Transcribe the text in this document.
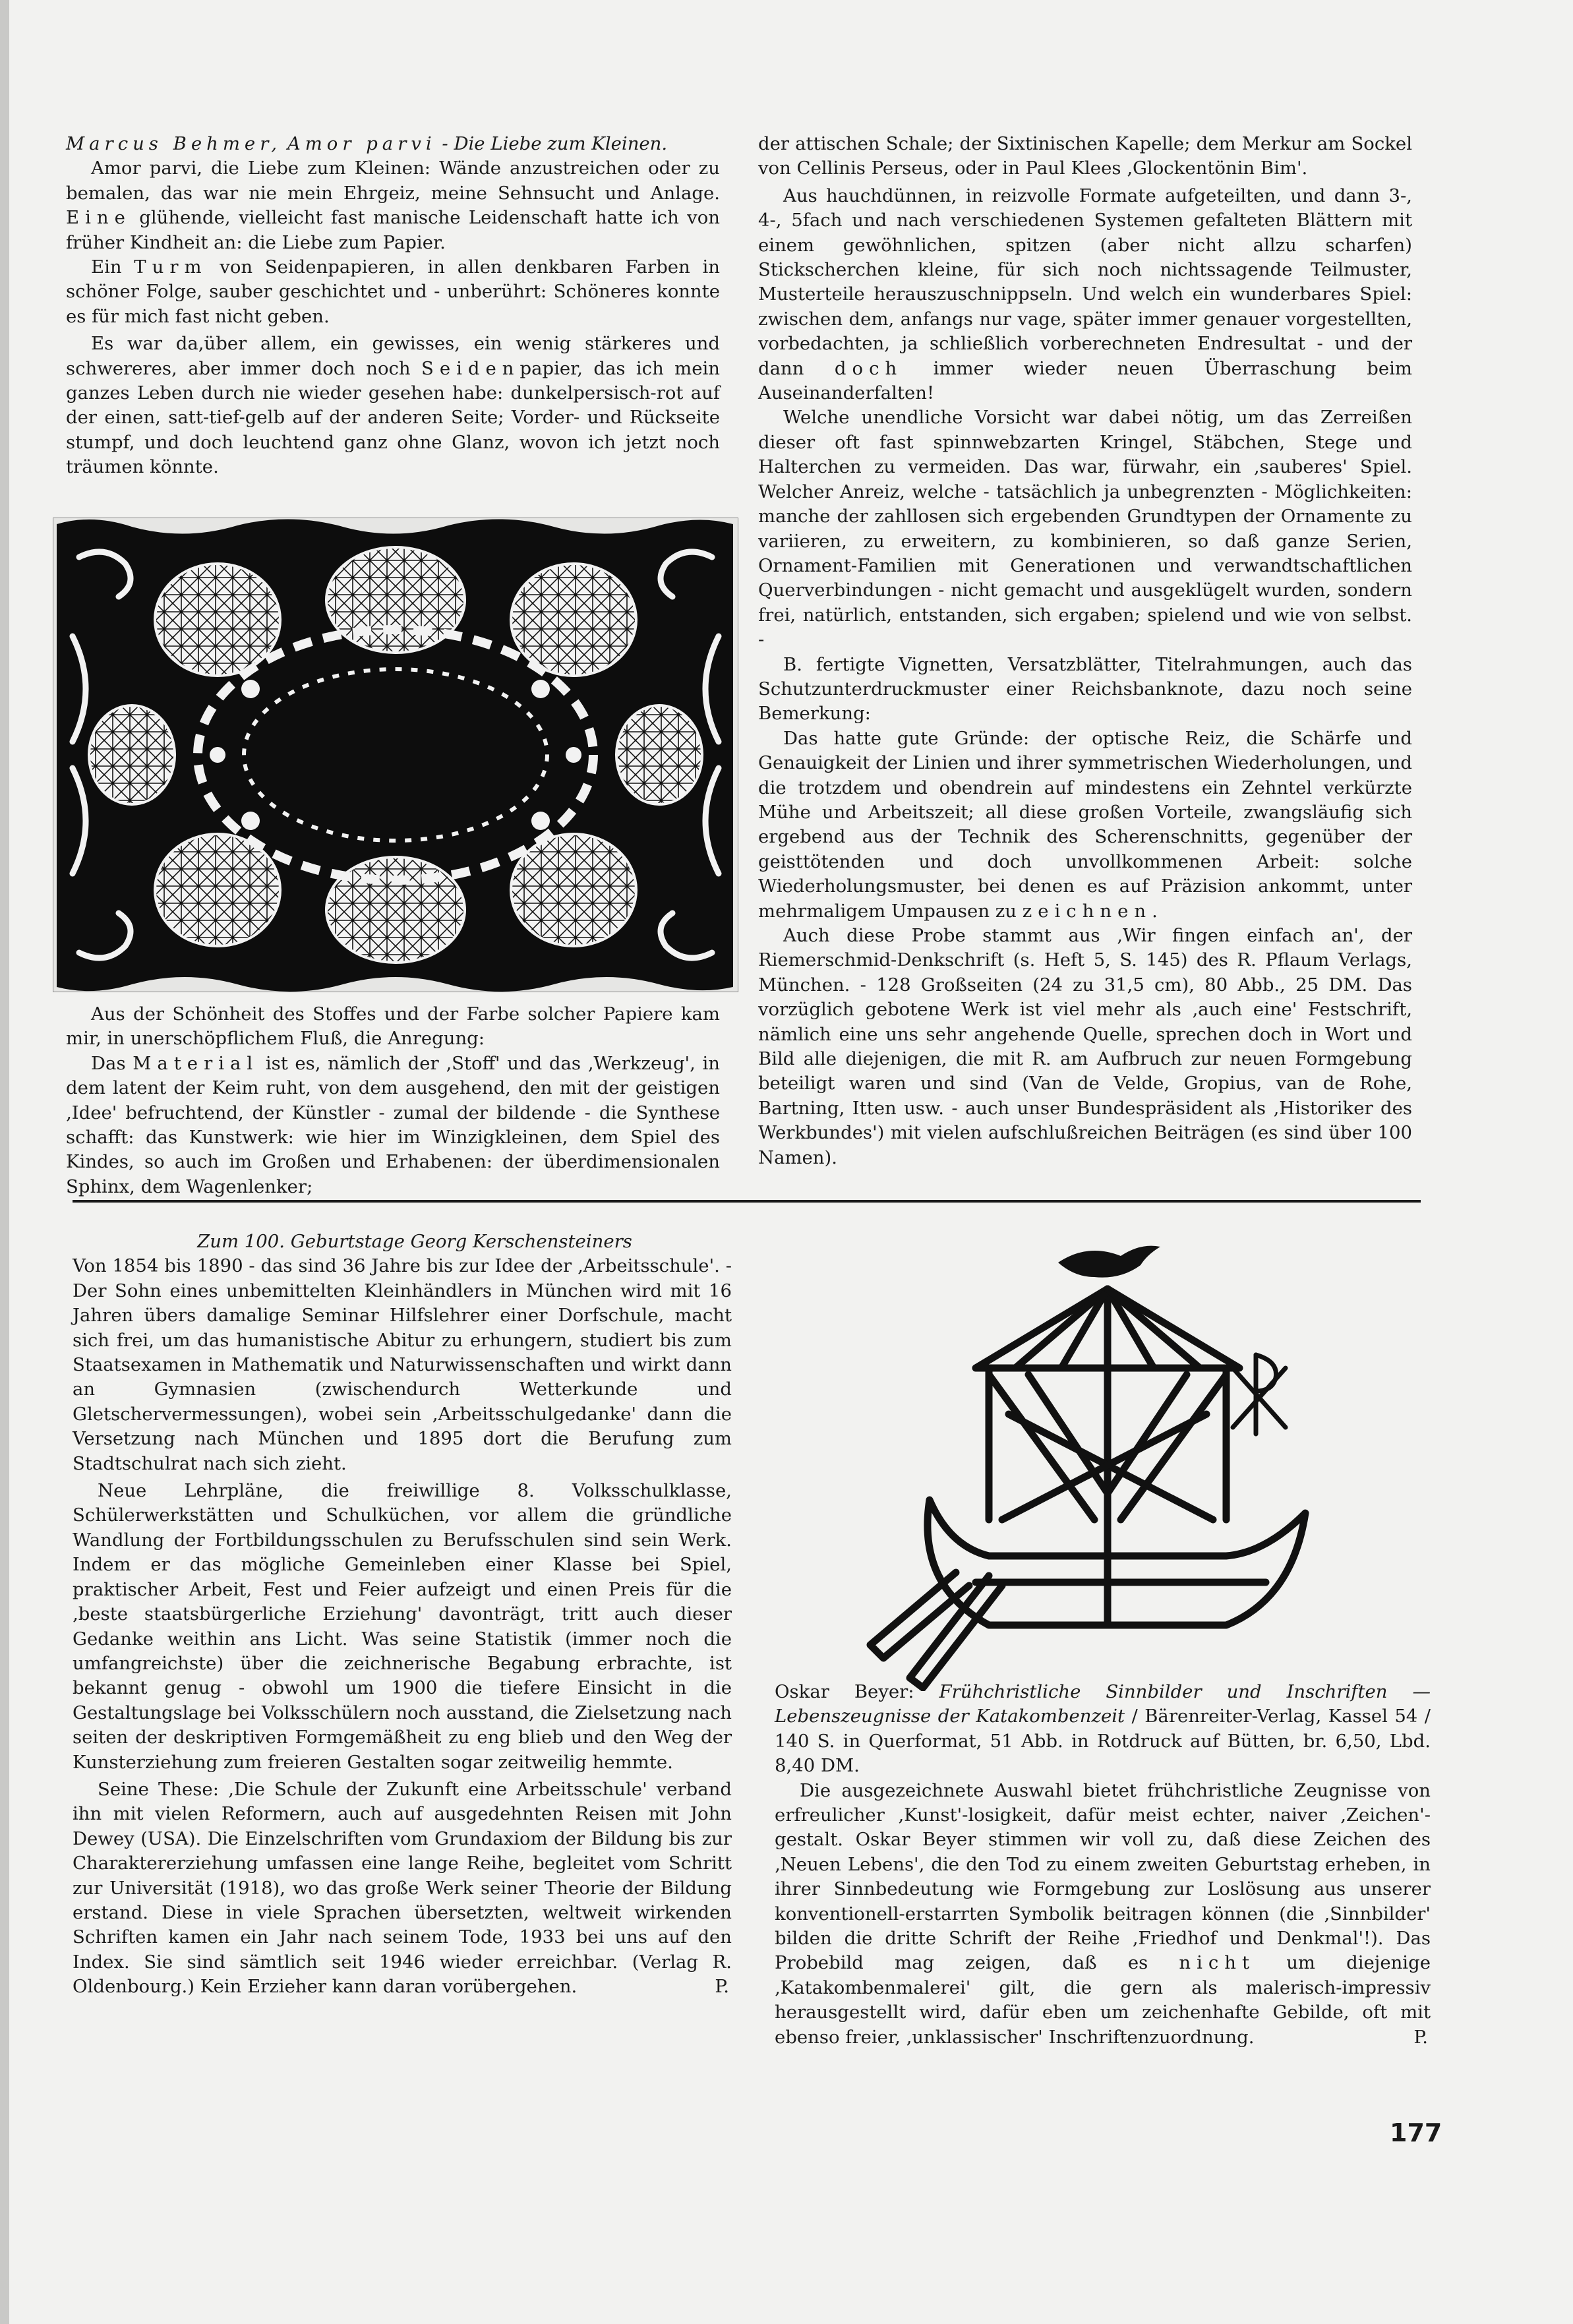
Marcus Behmer, Amor parvi - Die Liebe zum Kleinen.

Amor parvi, die Liebe zum Kleinen: Wände anzustreichen oder zu bemalen, das war nie mein Ehrgeiz, meine Sehnsucht und Anlage. Eine glühende, vielleicht fast manische Leidenschaft hatte ich von früher Kindheit an: die Liebe zum Papier.

Ein Turm von Seidenpapieren, in allen denkbaren Farben in schöner Folge, sauber geschichtet und - unberührt: Schöneres konnte es für mich fast nicht geben.

Es war da,über allem, ein gewisses, ein wenig stärkeres und schwereres, aber immer doch noch Seidenpapier, das ich mein ganzes Leben durch nie wieder gesehen habe: dunkelpersisch-rot auf der einen, satt-tief-gelb auf der anderen Seite; Vorder- und Rückseite stumpf, und doch leuchtend ganz ohne Glanz, wovon ich jetzt noch träumen könnte.

Aus der Schönheit des Stoffes und der Farbe solcher Papiere kam mir, in unerschöpflichem Fluß, die Anregung:

Das Material ist es, nämlich der ‚Stoff' und das ‚Werkzeug', in dem latent der Keim ruht, von dem ausgehend, den mit der geistigen ‚Idee' befruchtend, der Künstler - zumal der bildende - die Synthese schafft: das Kunstwerk: wie hier im Winzigkleinen, dem Spiel des Kindes, so auch im Großen und Erhabenen: der überdimensionalen Sphinx, dem Wagenlenker;

der attischen Schale; der Sixtinischen Kapelle; dem Merkur am Sockel von Cellinis Perseus, oder in Paul Klees ‚Glockentönin Bim'.

Aus hauchdünnen, in reizvolle Formate aufgeteilten, und dann 3-, 4-, 5fach und nach verschiedenen Systemen gefalteten Blättern mit einem gewöhnlichen, spitzen (aber nicht allzu scharfen) Stickscherchen kleine, für sich noch nichtssagende Teilmuster, Musterteile herauszuschnippseln. Und welch ein wunderbares Spiel: zwischen dem, anfangs nur vage, später immer genauer vorgestellten, vorbedachten, ja schließlich vorberechneten Endresultat - und der dann doch immer wieder neuen Überraschung beim Auseinanderfalten!

Welche unendliche Vorsicht war dabei nötig, um das Zerreißen dieser oft fast spinnwebzarten Kringel, Stäbchen, Stege und Halterchen zu vermeiden. Das war, fürwahr, ein ‚sauberes' Spiel. Welcher Anreiz, welche - tatsächlich ja unbegrenzten - Möglichkeiten: manche der zahllosen sich ergebenden Grundtypen der Ornamente zu variieren, zu erweitern, zu kombinieren, so daß ganze Serien, Ornament-Familien mit Generationen und verwandtschaftlichen Querverbindungen - nicht gemacht und ausgeklügelt wurden, sondern frei, natürlich, entstanden, sich ergaben; spielend und wie von selbst. -

B. fertigte Vignetten, Versatzblätter, Titelrahmungen, auch das Schutzunterdruckmuster einer Reichsbanknote, dazu noch seine Bemerkung:

Das hatte gute Gründe: der optische Reiz, die Schärfe und Genauigkeit der Linien und ihrer symmetrischen Wiederholungen, und die trotzdem und obendrein auf mindestens ein Zehntel verkürzte Mühe und Arbeitszeit; all diese großen Vorteile, zwangsläufig sich ergebend aus der Technik des Scherenschnitts, gegenüber der geisttötenden und doch unvollkommenen Arbeit: solche Wiederholungsmuster, bei denen es auf Präzision ankommt, unter mehrmaligem Umpausen zu zeichnen.

Auch diese Probe stammt aus ‚Wir fingen einfach an', der Riemerschmid-Denkschrift (s. Heft 5, S. 145) des R. Pflaum Verlags, München. - 128 Großseiten (24 zu 31,5 cm), 80 Abb., 25 DM. Das vorzüglich gebotene Werk ist viel mehr als ‚auch eine' Festschrift, nämlich eine uns sehr angehende Quelle, sprechen doch in Wort und Bild alle diejenigen, die mit R. am Aufbruch zur neuen Formgebung beteiligt waren und sind (Van de Velde, Gropius, van de Rohe, Bartning, Itten usw. - auch unser Bundespräsident als ‚Historiker des Werkbundes') mit vielen aufschlußreichen Beiträgen (es sind über 100 Namen).

Zum 100. Geburtstage Georg Kerschensteiners

Von 1854 bis 1890 - das sind 36 Jahre bis zur Idee der ‚Arbeitsschule'. - Der Sohn eines unbemittelten Kleinhändlers in München wird mit 16 Jahren übers damalige Seminar Hilfslehrer einer Dorfschule, macht sich frei, um das humanistische Abitur zu erhungern, studiert bis zum Staatsexamen in Mathematik und Naturwissenschaften und wirkt dann an Gymnasien (zwischendurch Wetterkunde und Gletschervermessungen), wobei sein ‚Arbeitsschulgedanke' dann die Versetzung nach München und 1895 dort die Berufung zum Stadtschulrat nach sich zieht.

Neue Lehrpläne, die freiwillige 8. Volksschulklasse, Schülerwerkstätten und Schulküchen, vor allem die gründliche Wandlung der Fortbildungsschulen zu Berufsschulen sind sein Werk. Indem er das mögliche Gemeinleben einer Klasse bei Spiel, praktischer Arbeit, Fest und Feier aufzeigt und einen Preis für die ‚beste staatsbürgerliche Erziehung' davonträgt, tritt auch dieser Gedanke weithin ans Licht. Was seine Statistik (immer noch die umfangreichste) über die zeichnerische Begabung erbrachte, ist bekannt genug - obwohl um 1900 die tiefere Einsicht in die Gestaltungslage bei Volksschülern noch ausstand, die Zielsetzung nach seiten der deskriptiven Formgemäßheit zu eng blieb und den Weg der Kunsterziehung zum freieren Gestalten sogar zeitweilig hemmte.

Seine These: ‚Die Schule der Zukunft eine Arbeitsschule' verband ihn mit vielen Reformern, auch auf ausgedehnten Reisen mit John Dewey (USA). Die Einzelschriften vom Grundaxiom der Bildung bis zur Charaktererziehung umfassen eine lange Reihe, begleitet vom Schritt zur Universität (1918), wo das große Werk seiner Theorie der Bildung erstand. Diese in viele Sprachen übersetzten, weltweit wirkenden Schriften kamen ein Jahr nach seinem Tode, 1933 bei uns auf den Index. Sie sind sämtlich seit 1946 wieder erreichbar. (Verlag R. Oldenbourg.) Kein Erzieher kann daran vorübergehen.	P.

Oskar Beyer: Frühchristliche Sinnbilder und Inschriften — Lebenszeugnisse der Katakombenzeit / Bärenreiter-Verlag, Kassel 54 / 140 S. in Querformat, 51 Abb. in Rotdruck auf Bütten, br. 6,50, Lbd. 8,40 DM.

Die ausgezeichnete Auswahl bietet frühchristliche Zeugnisse von erfreulicher ‚Kunst'-losigkeit, dafür meist echter, naiver ‚Zeichen'-gestalt. Oskar Beyer stimmen wir voll zu, daß diese Zeichen des ‚Neuen Lebens', die den Tod zu einem zweiten Geburtstag erheben, in ihrer Sinnbedeutung wie Formgebung zur Loslösung aus unserer konventionell-erstarrten Symbolik beitragen können (die ‚Sinnbilder' bilden die dritte Schrift der Reihe ‚Friedhof und Denkmal'!). Das Probebild mag zeigen, daß es nicht um diejenige ‚Katakombenmalerei' gilt, die gern als malerisch-impressiv herausgestellt wird, dafür eben um zeichenhafte Gebilde, oft mit ebenso freier, ‚unklassischer' Inschriftenzuordnung.	P.

177
